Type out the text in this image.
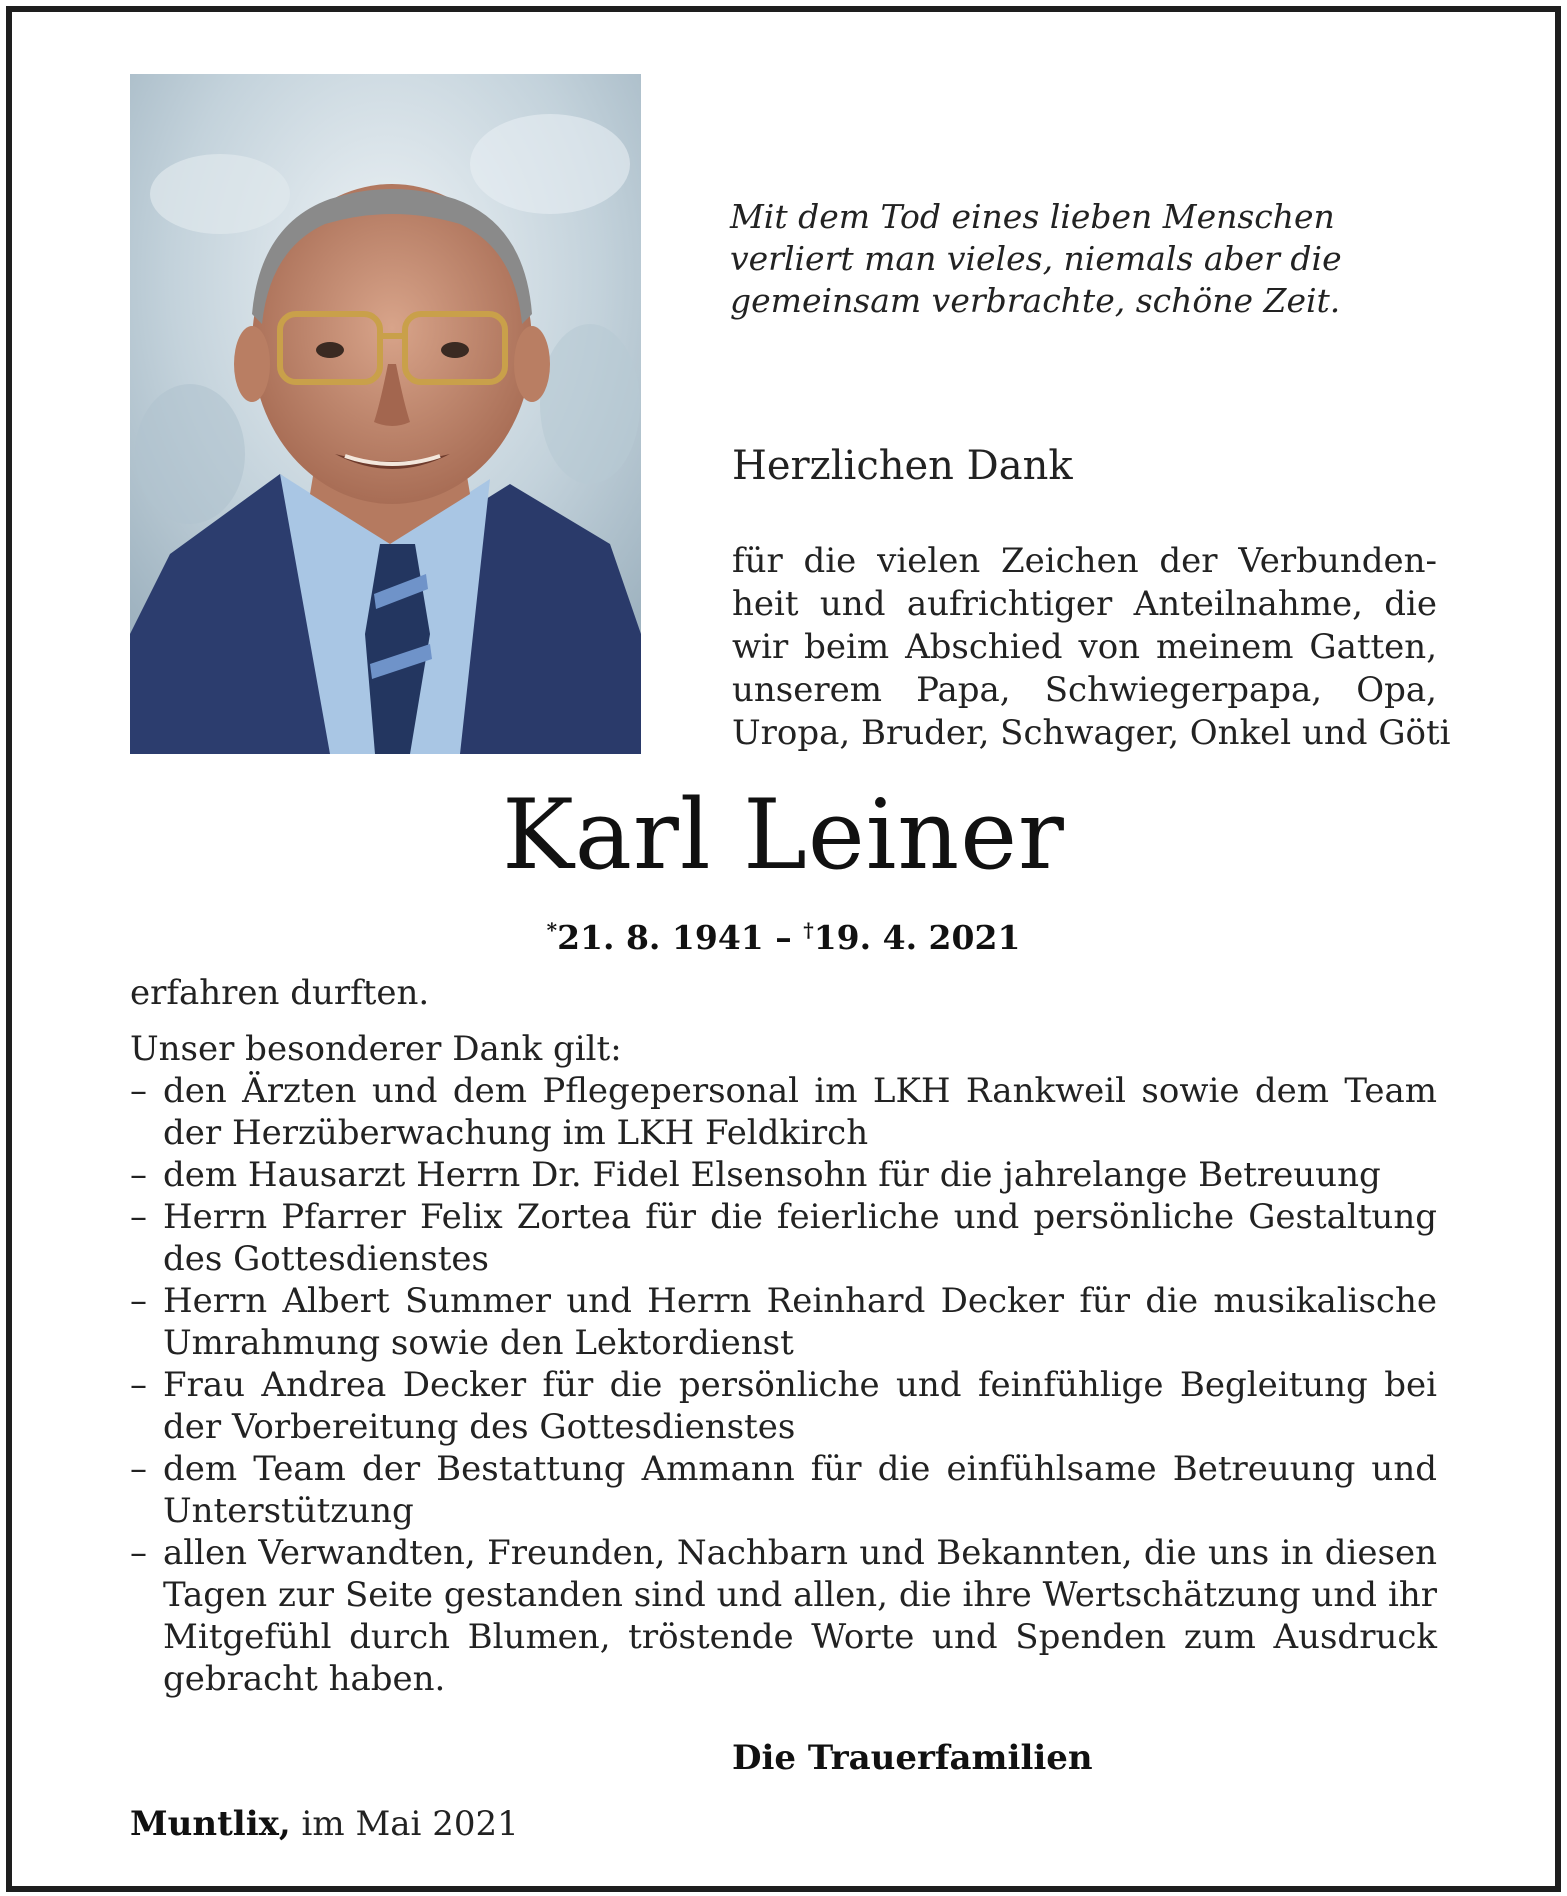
Mit dem Tod eines lieben Menschen
verliert man vieles, niemals aber die
gemeinsam verbrachte, schöne Zeit.
Herzlichen Dank
für die vielen Zeichen der Verbunden-
heit und aufrichtiger Anteilnahme, die
wir beim Abschied von meinem Gatten,
unserem Papa, Schwiegerpapa, Opa,
Uropa, Bruder, Schwager, Onkel und Göti
Karl Leiner
*21. 8. 1941 – †19. 4. 2021

erfahren durften.

Unser besonderer Dank gilt:
– den Ärzten und dem Pflegepersonal im LKH Rankweil sowie dem Team der Herzüberwachung im LKH Feldkirch
– dem Hausarzt Herrn Dr. Fidel Elsensohn für die jahrelange Betreuung
– Herrn Pfarrer Felix Zortea für die feierliche und persönliche Gestaltung des Gottesdienstes
– Herrn Albert Summer und Herrn Reinhard Decker für die musikalische Umrahmung sowie den Lektordienst
– Frau Andrea Decker für die persönliche und feinfühlige Begleitung bei der Vorbereitung des Gottesdienstes
– dem Team der Bestattung Ammann für die einfühlsame Betreuung und Unterstützung
– allen Verwandten, Freunden, Nachbarn und Bekannten, die uns in diesen Tagen zur Seite gestanden sind und allen, die ihre Wertschätzung und ihr Mitgefühl durch Blumen, tröstende Worte und Spenden zum Ausdruck gebracht haben.
Die Trauerfamilien
Muntlix, im Mai 2021
